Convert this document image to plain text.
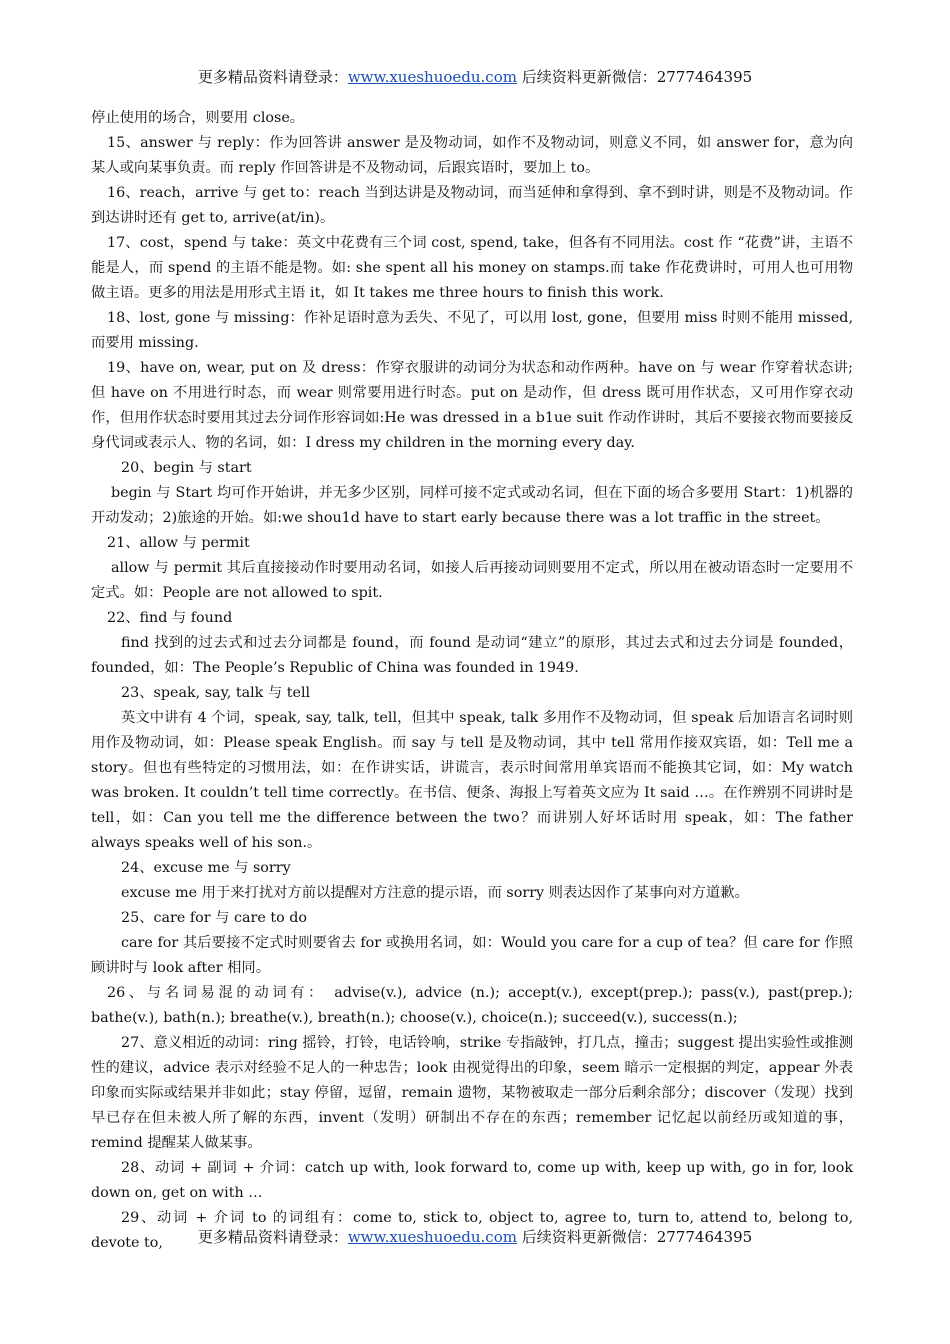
更多精品资料请登录：www.xueshuoedu.com 后续资料更新微信：2777464395

停止使用的场合，则要用 close。

15、answer 与 reply：作为回答讲 answer 是及物动词，如作不及物动词，则意义不同，如 answer for，意为向某人或向某事负责。而 reply 作回答讲是不及物动词，后跟宾语时，要加上 to。

16、reach，arrive 与 get to：reach 当到达讲是及物动词，而当延伸和拿得到、拿不到时讲，则是不及物动词。作到达讲时还有 get to, arrive(at/in)。

17、cost，spend 与 take：英文中花费有三个词 cost, spend, take，但各有不同用法。cost 作 “花费”讲，主语不能是人，而 spend 的主语不能是物。如: she spent all his money on stamps.而 take 作花费讲时，可用人也可用物做主语。更多的用法是用形式主语 it，如 It takes me three hours to finish this work.

18、lost, gone 与 missing：作补足语时意为丢失、不见了，可以用 lost, gone，但要用 miss 时则不能用 missed, 而要用 missing.

19、have on, wear, put on 及 dress：作穿衣服讲的动词分为状态和动作两种。have on 与 wear 作穿着状态讲;但 have on 不用进行时态，而 wear 则常要用进行时态。put on 是动作，但 dress 既可用作状态，又可用作穿衣动作，但用作状态时要用其过去分词作形容词如:He was dressed in a b1ue suit 作动作讲时，其后不要接衣物而要接反身代词或表示人、物的名词，如：I dress my children in the morning every day.

20、begin 与 start

begin 与 Start 均可作开始讲，并无多少区别，同样可接不定式或动名词，但在下面的场合多要用 Start：1)机器的开动发动；2)旅途的开始。如:we shou1d have to start early because there was a lot traffic in the street。

21、allow 与 permit

allow 与 permit 其后直接接动作时要用动名词，如接人后再接动词则要用不定式，所以用在被动语态时一定要用不定式。如：People are not allowed to spit.

22、find 与 found

find 找到的过去式和过去分词都是 found，而 found 是动词“建立”的原形，其过去式和过去分词是 founded，founded，如：The People’s Republic of China was founded in 1949.

23、speak, say, talk 与 tell

英文中讲有 4 个词，speak, say, talk, tell，但其中 speak, talk 多用作不及物动词，但 speak 后加语言名词时则用作及物动词，如：Please speak English。而 say 与 tell 是及物动词，其中 tell 常用作接双宾语，如：Tell me a story。但也有些特定的习惯用法，如：在作讲实话，讲谎言，表示时间常用单宾语而不能换其它词，如：My watch was broken. It couldn’t tell time correctly。在书信、便条、海报上写着英文应为 It said …。在作辨别不同讲时是 tell，如：Can you tell me the difference between the two？而讲别人好坏话时用 speak，如：The father always speaks well of his son.。

24、excuse me 与 sorry

excuse me 用于来打扰对方前以提醒对方注意的提示语，而 sorry 则表达因作了某事向对方道歉。

25、care for 与 care to do

care for 其后要接不定式时则要省去 for 或换用名词，如：Would you care for a cup of tea？但 care for 作照顾讲时与 look after 相同。

26、与名词易混的动词有： advise(v.), advice (n.); accept(v.), except(prep.); pass(v.), past(prep.); bathe(v.), bath(n.); breathe(v.), breath(n.); choose(v.), choice(n.); succeed(v.), success(n.);

27、意义相近的动词：ring 摇铃，打铃，电话铃响，strike 专指敲钟，打几点，撞击；suggest 提出实验性或推测性的建议，advice 表示对经验不足人的一种忠告；look 由视觉得出的印象，seem 暗示一定根据的判定，appear 外表印象而实际或结果并非如此；stay 停留，逗留，remain 遗物，某物被取走一部分后剩余部分；discover（发现）找到早已存在但未被人所了解的东西，invent（发明）研制出不存在的东西；remember 记忆起以前经历或知道的事，remind 提醒某人做某事。

28、动词 + 副词 + 介词：catch up with, look forward to, come up with, keep up with, go in for, look down on, get on with …

29、动词 + 介词 to 的词组有：come to, stick to, object to, agree to, turn to, attend to, belong to, devote to,	更多精品资料请登录：www.xueshuoedu.com 后续资料更新微信：2777464395
